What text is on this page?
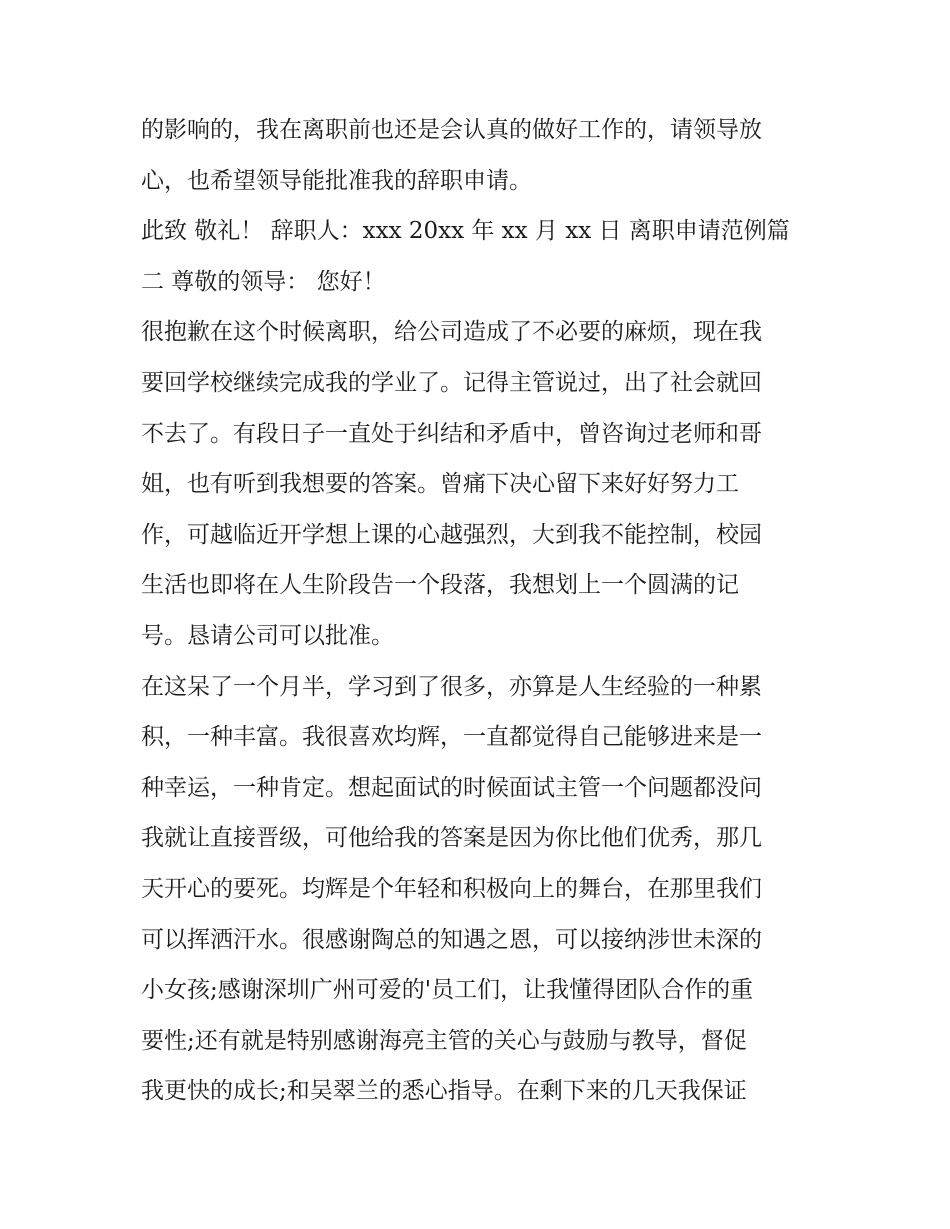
的影响的，我在离职前也还是会认真的做好工作的，请领导放
心，也希望领导能批准我的辞职申请。
此致 敬礼！ 辞职人：xxx 20xx 年 xx 月 xx 日 离职申请范例篇
二 尊敬的领导： 您好！
很抱歉在这个时候离职，给公司造成了不必要的麻烦，现在我
要回学校继续完成我的学业了。记得主管说过，出了社会就回
不去了。有段日子一直处于纠结和矛盾中，曾咨询过老师和哥
姐，也有听到我想要的答案。曾痛下决心留下来好好努力工
作，可越临近开学想上课的心越强烈，大到我不能控制，校园
生活也即将在人生阶段告一个段落，我想划上一个圆满的记
号。恳请公司可以批准。
在这呆了一个月半，学习到了很多，亦算是人生经验的一种累
积，一种丰富。我很喜欢均辉，一直都觉得自己能够进来是一
种幸运，一种肯定。想起面试的时候面试主管一个问题都没问
我就让直接晋级，可他给我的答案是因为你比他们优秀，那几
天开心的要死。均辉是个年轻和积极向上的舞台，在那里我们
可以挥洒汗水。很感谢陶总的知遇之恩，可以接纳涉世未深的
小女孩;感谢深圳广州可爱的'员工们，让我懂得团队合作的重
要性;还有就是特别感谢海亮主管的关心与鼓励与教导，督促
我更快的成长;和吴翠兰的悉心指导。在剩下来的几天我保证
